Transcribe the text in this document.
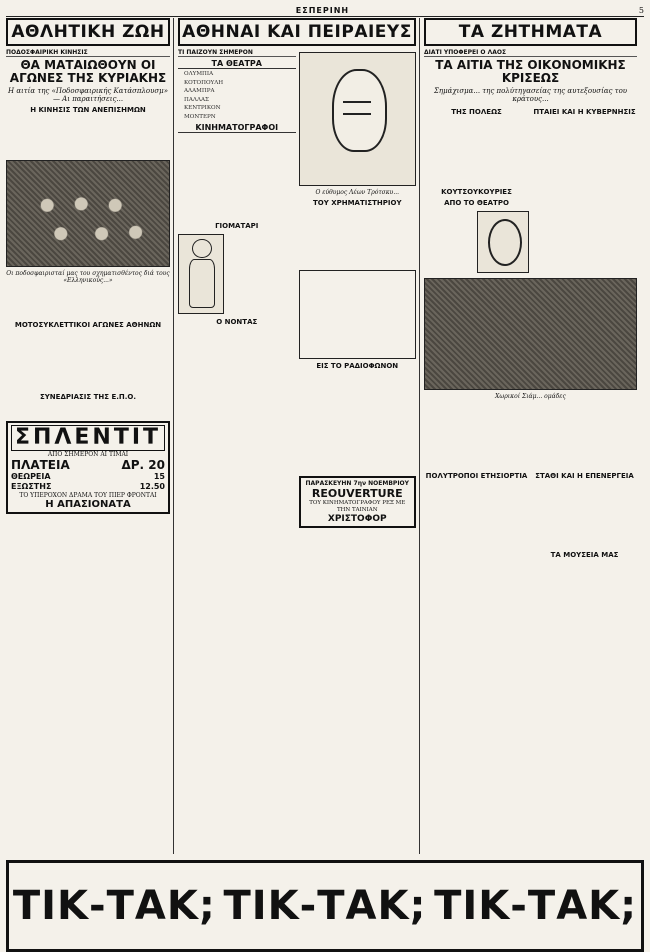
ΕΣΠΕΡΙΝΗ	5
ΑΘΛΗΤΙΚΗ ΖΩΗ
ΠΟΔΟΣΦΑΙΡΙΚΗ ΚΙΝΗΣΙΣ
ΘΑ ΜΑΤΑΙΩΘΟΥΝ ΟΙ ΑΓΩΝΕΣ ΤΗΣ ΚΥΡΙΑΚΗΣ
Η αιτία της «Ποδοσφαιρικής Κατάσπλουσμ» — Αι παραιτήσεις...
Η ΚΙΝΗΣΙΣ ΤΩΝ ΑΝΕΠΙΣΗΜΩΝ

Οι ποδοσφαιρισταί μας του σχηματισθέντος διά τους «Ελληνικούς...»

ΜΟΤΟΣΥΚΛΕΤΤΙΚΟΙ ΑΓΩΝΕΣ ΑΘΗΝΩΝ

ΣΥΝΕΔΡΙΑΣΙΣ ΤΗΣ Ε.Π.Ο.

ΣΠΛΕΝΤΙΤ
ΑΠΟ ΣΗΜΕΡΟΝ ΑΙ ΤΙΜΑΙ
ΠΛΑΤΕΙΑ	ΔΡ. 20
ΘΕΩΡΕΙΑ	15
ΕΞΩΣΤΗΣ	12.50
ΤΟ ΥΠΕΡΟΧΟΝ ΔΡΑΜΑ ΤΟΥ ΠΙΕΡ ΦΡΟΝΤΑΙ
Η ΑΠΑΣΙΟΝΑΤΑ
ΑΘΗΝΑΙ ΚΑΙ ΠΕΙΡΑΙΕΥΣ
ΤΙ ΠΑΙΖΟΥΝ ΣΗΜΕΡΟΝ
ΤΑ ΘΕΑΤΡΑ

ΟΛΥΜΠΙΑ

ΚΟΤΟΠΟΥΛΗ

ΑΛΑΜΠΡΑ

ΠΑΛΛΑΣ

ΚΕΝΤΡΙΚΟΝ

ΜΟΝΤΕΡΝ

ΚΙΝΗΜΑΤΟΓΡΑΦΟΙ

ΓΙΟΜΑΤΑΡΙ

Ο ΝΟΝΤΑΣ

Ο εύθυμος Λέων Τρότσκυ...
ΤΟΥ ΧΡΗΜΑΤΙΣΤΗΡΙΟΥ

ΕΙΣ ΤΟ ΡΑΔΙΟΦΩΝΟΝ

ΠΑΡΑΣΚΕΥΗΝ 7ην ΝΟΕΜΒΡΙΟΥ
REOUVERTURE
ΤΟΥ ΚΙΝΗΜΑΤΟΓΡΑΦΟΥ ΡΕΞ ΜΕ ΤΗΝ ΤΑΙΝΙΑΝ
ΧΡΙΣΤΟΦΟΡ
ΤΑ ΖΗΤΗΜΑΤΑ
ΔΙΑΤΙ ΥΠΟΦΕΡΕΙ Ο ΛΑΟΣ
ΤΑ ΑΙΤΙΑ ΤΗΣ ΟΙΚΟΝΟΜΙΚΗΣ ΚΡΙΣΕΩΣ
Σημάχισμα... της πολύτηγασείας της αυτεξουσίας του κράτους...
ΤΗΣ ΠΟΛΕΩΣ

ΚΟΥΤΣΟΥΚΟΥΡΙΕΣ
ΑΠΟ ΤΟ ΘΕΑΤΡΟ

ΠΤΑΙΕΙ ΚΑΙ Η ΚΥΒΕΡΝΗΣΙΣ

Χωρικοί Σιάμ... ομάδες

ΠΟΛΥΤΡΟΠΟΙ ΕΤΗΣΙΟΡΤΙΑ

	ΣΤΑΘΙ ΚΑΙ Η ΕΠΕΝΕΡΓΕΙΑ

ΤΑ ΜΟΥΣΕΙΑ ΜΑΣ

ΤΙΚ-ΤΑΚ; ΤΙΚ-ΤΑΚ; ΤΙΚ-ΤΑΚ;
